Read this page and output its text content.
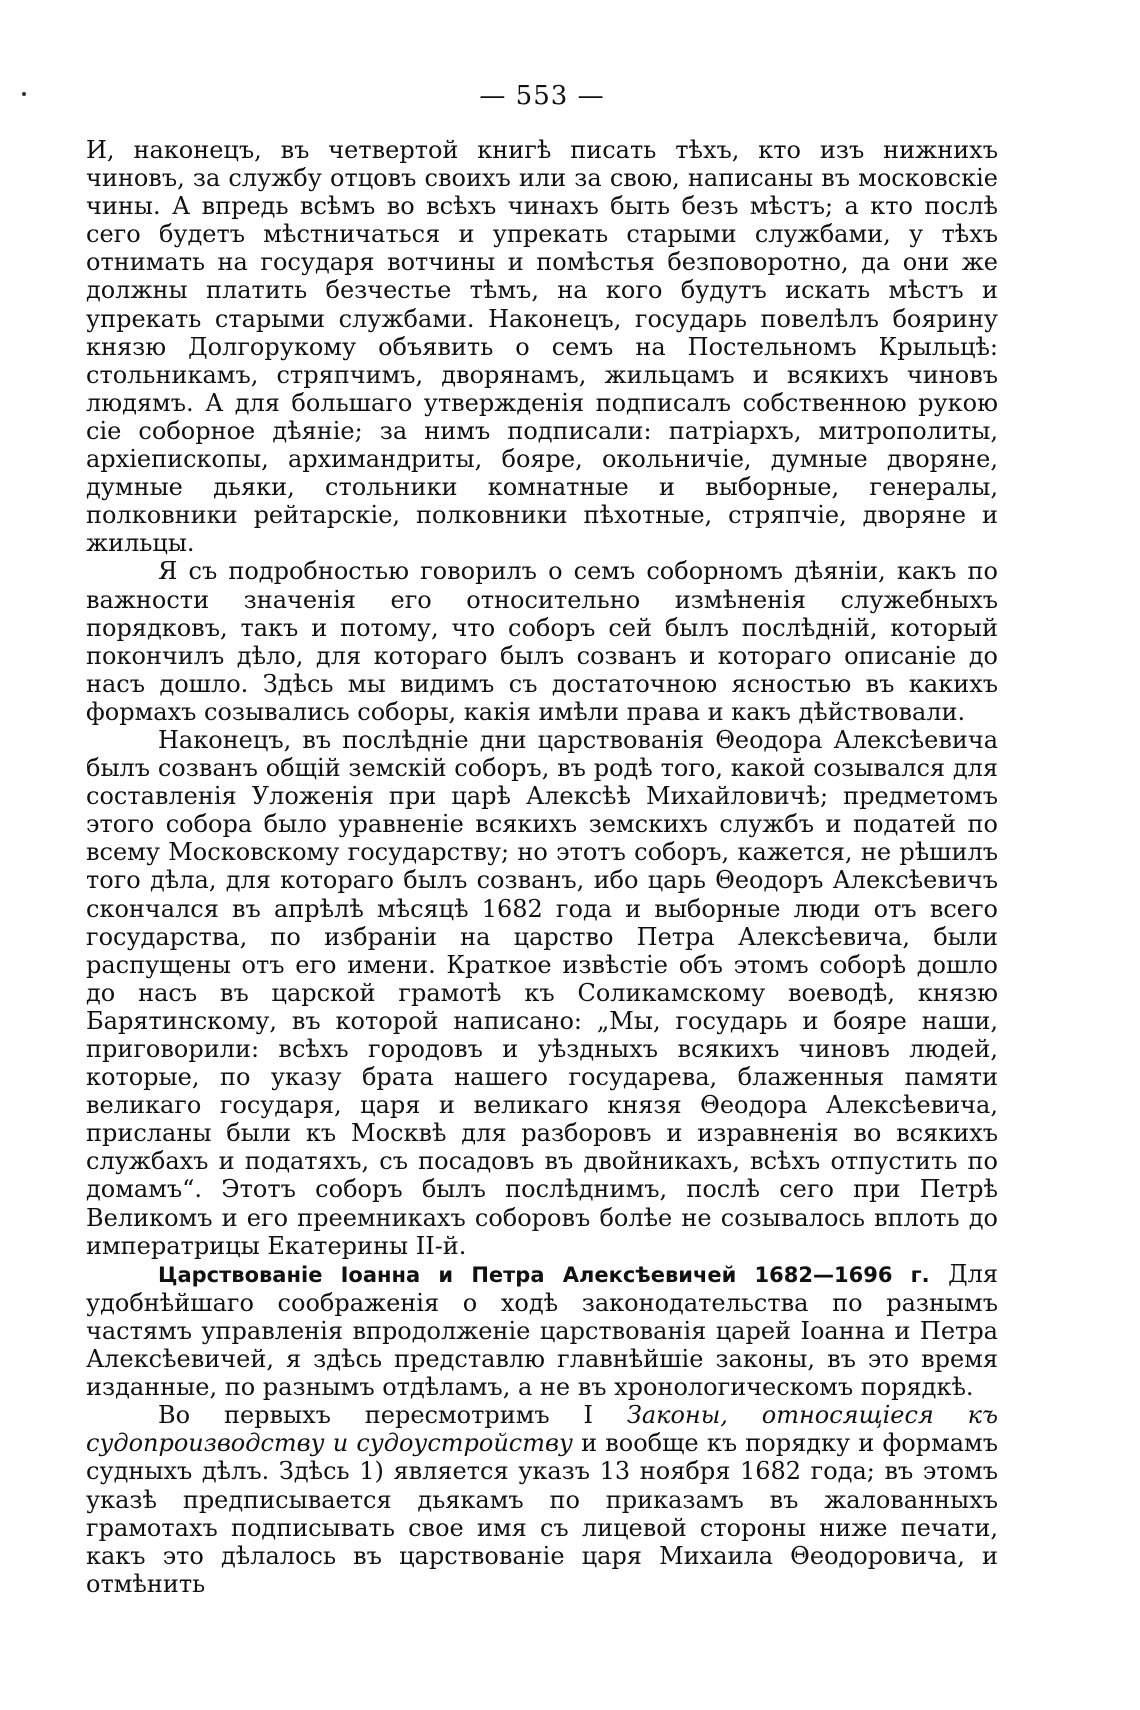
— 553 —

И, наконецъ, въ четвертой книгѣ писать тѣхъ, кто изъ нижнихъ чиновъ, за службу отцовъ своихъ или за свою, написаны въ московскіе чины. А впредь всѣмъ во всѣхъ чинахъ быть безъ мѣстъ; а кто послѣ сего будетъ мѣстничаться и упрекать старыми службами, у тѣхъ отнимать на государя вотчины и помѣстья безповоротно, да они же должны платить безчестье тѣмъ, на кого будутъ искать мѣстъ и упрекать старыми службами. Наконецъ, государь повелѣлъ боярину князю Долгорукому объявить о семъ на Постельномъ Крыльцѣ: стольникамъ, стряпчимъ, дворянамъ, жильцамъ и всякихъ чиновъ людямъ. А для большаго утвержденія подписалъ собственною рукою сіе соборное дѣяніе; за нимъ подписали: патріархъ, митрополиты, архіепископы, архимандриты, бояре, окольничіе, думные дворяне, думные дьяки, стольники комнатные и выборные, генералы, полковники рейтарскіе, полковники пѣхотные, стряпчіе, дворяне и жильцы.

Я съ подробностью говорилъ о семъ соборномъ дѣяніи, какъ по важности значенія его относительно измѣненія служебныхъ порядковъ, такъ и потому, что соборъ сей былъ послѣдній, который покончилъ дѣло, для котораго былъ созванъ и котораго описаніе до насъ дошло. Здѣсь мы видимъ съ достаточною ясностью въ какихъ формахъ созывались соборы, какія имѣли права и какъ дѣйствовали.

Наконецъ, въ послѣдніе дни царствованія Θеодора Алексѣевича былъ созванъ общій земскій соборъ, въ родѣ того, какой созывался для составленія Уложенія при царѣ Алексѣѣ Михайловичѣ; предметомъ этого собора было уравненіе всякихъ земскихъ службъ и податей по всему Московскому государству; но этотъ соборъ, кажется, не рѣшилъ того дѣла, для котораго былъ созванъ, ибо царь Θеодоръ Алексѣевичъ скончался въ апрѣлѣ мѣсяцѣ 1682 года и выборные люди отъ всего государства, по избраніи на царство Петра Алексѣевича, были распущены отъ его имени. Краткое извѣстіе объ этомъ соборѣ дошло до насъ въ царской грамотѣ къ Соликамскому воеводѣ, князю Барятинскому, въ которой написано: „Мы, государь и бояре наши, приговорили: всѣхъ городовъ и уѣздныхъ всякихъ чиновъ людей, которые, по указу брата нашего государева, блаженныя памяти великаго государя, царя и великаго князя Θеодора Алексѣевича, присланы были къ Москвѣ для разборовъ и изравненія во всякихъ службахъ и податяхъ, съ посадовъ въ двойникахъ, всѣхъ отпустить по домамъ“. Этотъ соборъ былъ послѣднимъ, послѣ сего при Петрѣ Великомъ и его преемникахъ соборовъ болѣе не созывалось вплоть до императрицы Екатерины II-й.

Царствованіе Іоанна и Петра Алексѣевичей 1682—1696 г. Для удобнѣйшаго соображенія о ходѣ законодательства по разнымъ частямъ управленія впродолженіе царствованія царей Іоанна и Петра Алексѣевичей, я здѣсь представлю главнѣйшіе законы, въ это время изданные, по разнымъ отдѣламъ, а не въ хронологическомъ порядкѣ.

Во первыхъ пересмотримъ I Законы, относящіеся къ судопроизводству и судоустройству и вообще къ порядку и формамъ судныхъ дѣлъ. Здѣсь 1) является указъ 13 ноября 1682 года; въ этомъ указѣ предписывается дьякамъ по приказамъ въ жалованныхъ грамотахъ подписывать свое имя съ лицевой стороны ниже печати, какъ это дѣлалось въ царствованіе царя Михаила Θеодоровича, и отмѣнить
